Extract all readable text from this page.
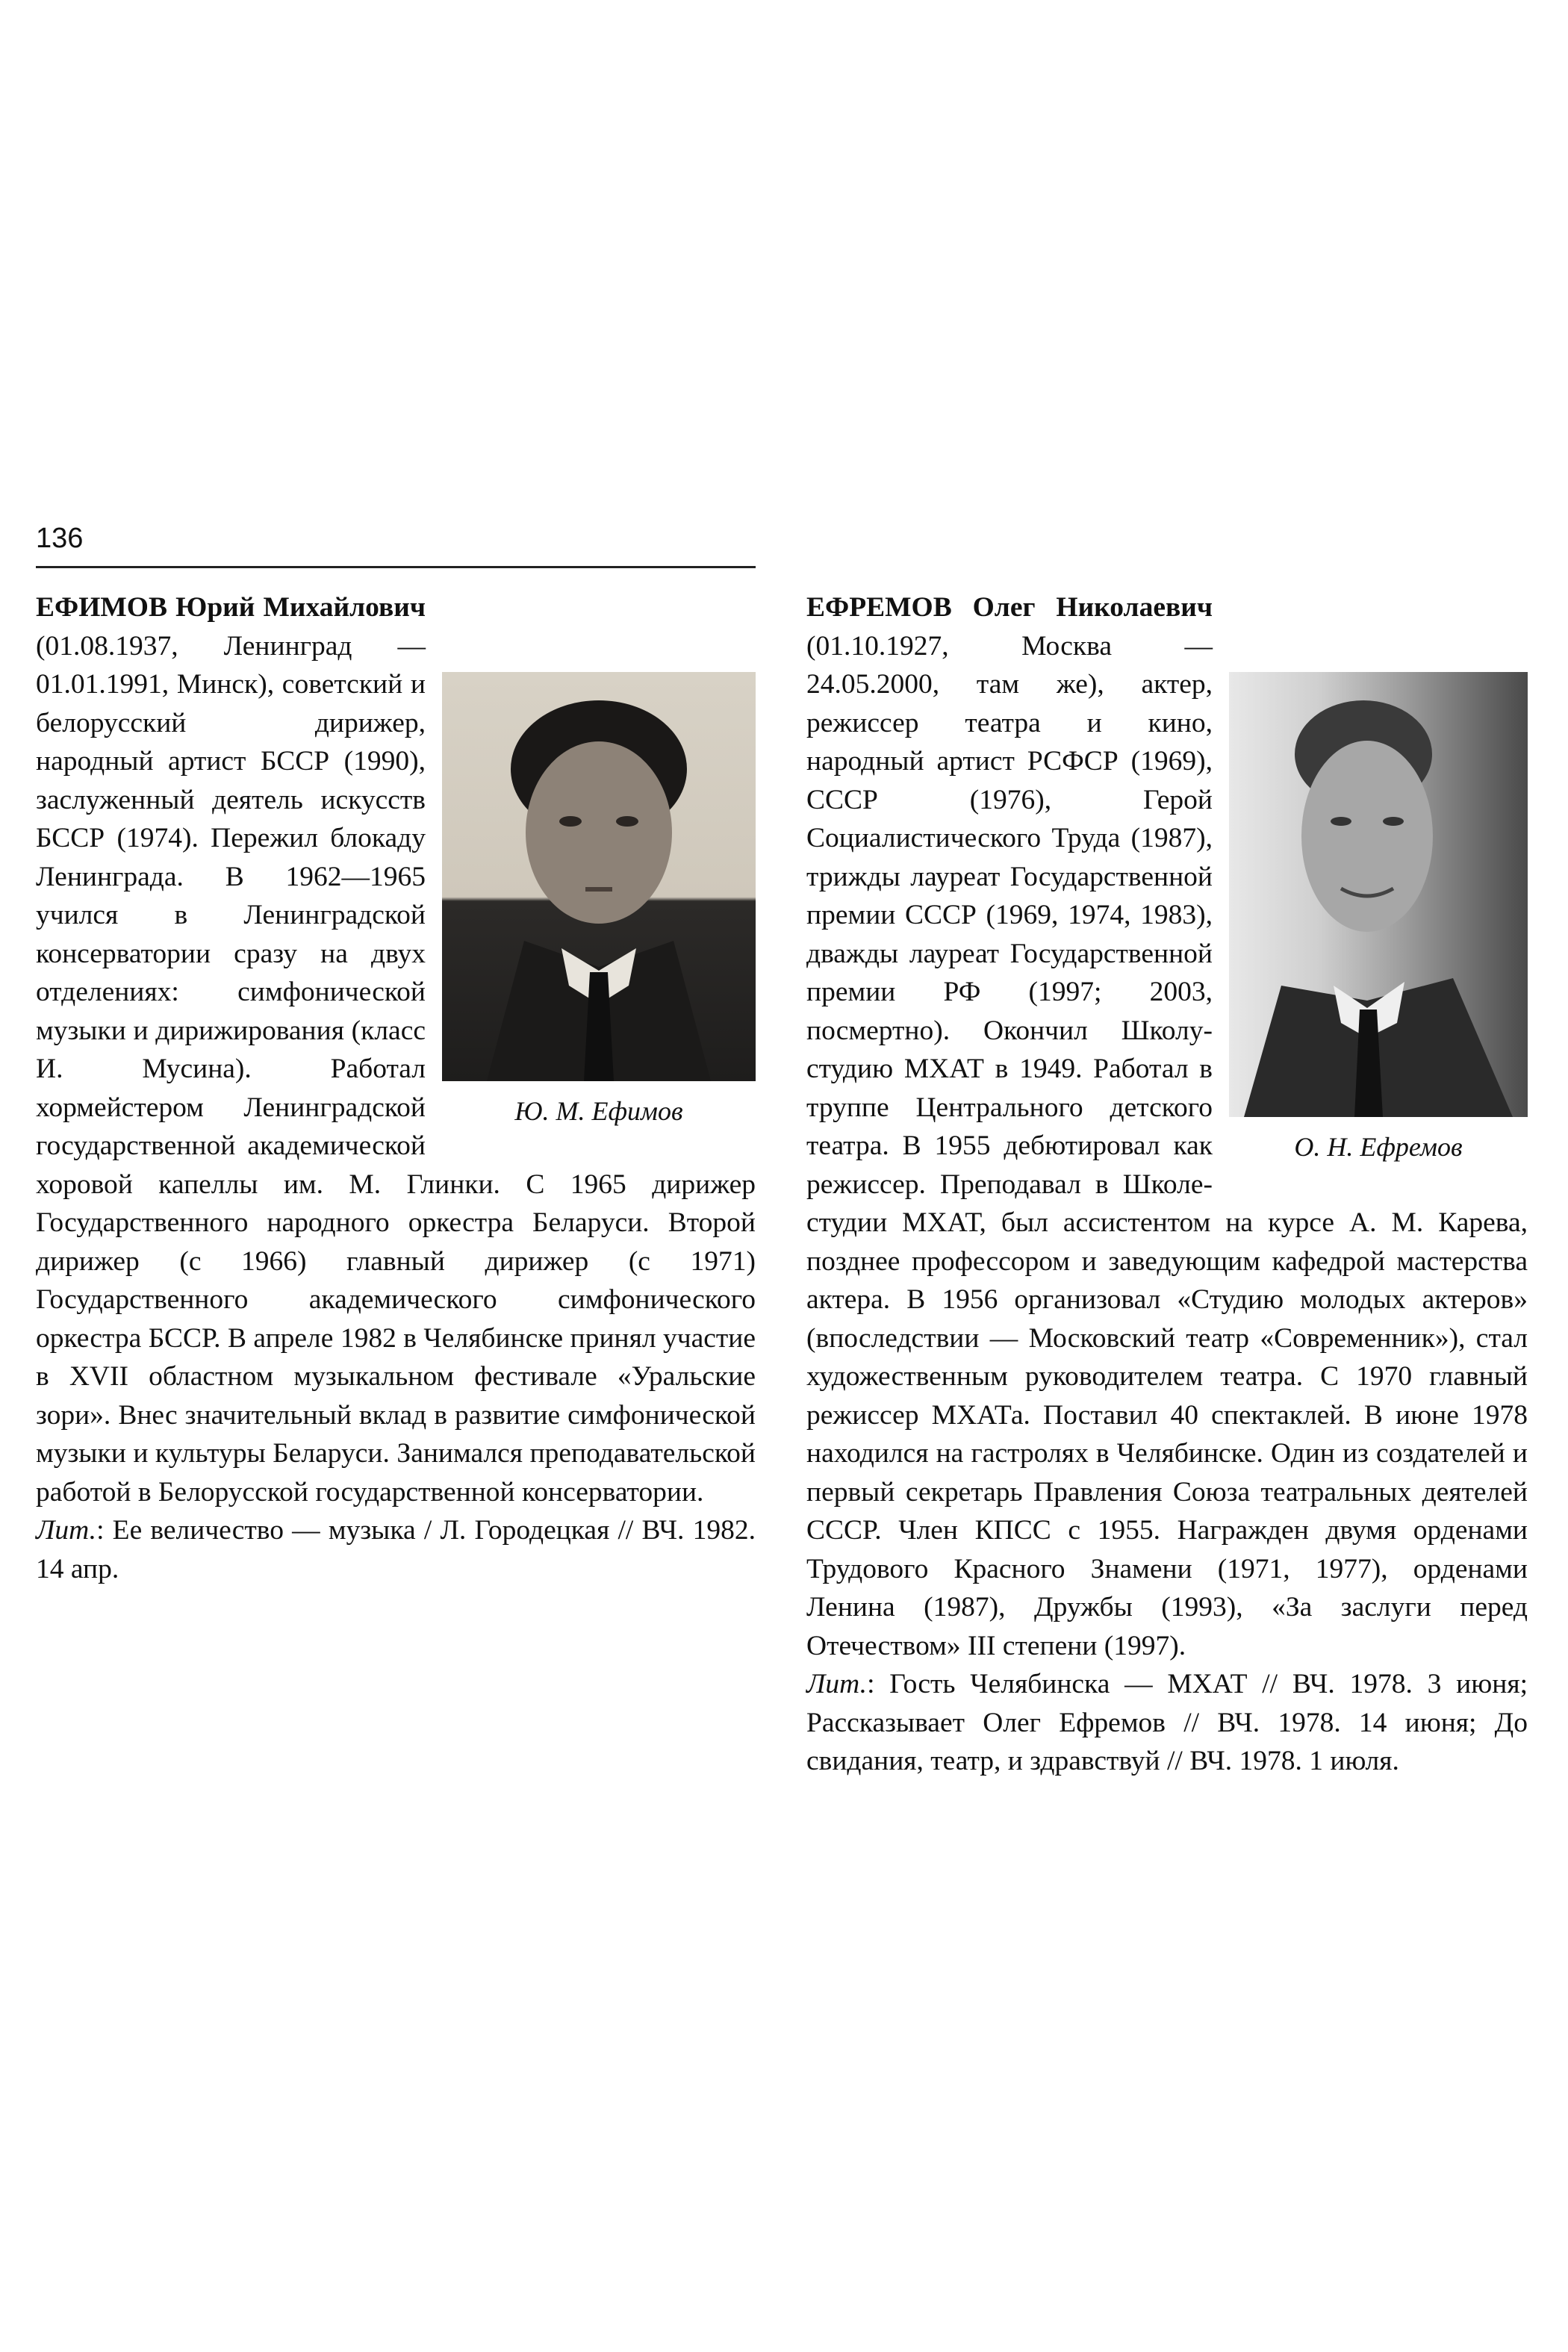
136
Ю. М. Ефимов

ЕФИМОВ Юрий Михайлович (01.08.1937, Ленинград — 01.01.1991, Минск), советский и белорусский дирижер, народный артист БССР (1990), заслуженный деятель искусств БССР (1974). Пережил блокаду Ленинграда. В 1962—1965 учился в Ленинградской консерватории сразу на двух отделениях: симфонической музыки и дирижирования (класс И. Мусина). Работал хормейстером Ленинградской государственной академической хоровой капеллы им. М. Глинки. С 1965 дирижер Государственного народного оркестра Беларуси. Второй дирижер (с 1966) главный дирижер (с 1971) Государственного академического симфонического оркестра БССР. В апреле 1982 в Челябинске принял участие в XVII областном музыкальном фестивале «Уральские зори». Внес значительный вклад в развитие симфонической музыки и культуры Беларуси. Занимался преподавательской работой в Белорусской государственной консерватории.

Лит.: Ее величество — музыка / Л. Городецкая // ВЧ. 1982. 14 апр.

О. Н. Ефремов

ЕФРЕМОВ Олег Николаевич (01.10.1927, Москва — 24.05.2000, там же), актер, режиссер театра и кино, народный артист РСФСР (1969), СССР (1976), Герой Социалистического Труда (1987), трижды лауреат Государственной премии СССР (1969, 1974, 1983), дважды лауреат Государственной премии РФ (1997; 2003, посмертно). Окончил Школу-студию МХАТ в 1949. Работал в труппе Центрального детского театра. В 1955 дебютировал как режиссер. Преподавал в Школе-студии МХАТ, был ассистентом на курсе А. М. Карева, позднее профессором и заведующим кафедрой мастерства актера. В 1956 организовал «Студию молодых актеров» (впоследствии — Московский театр «Современник»), стал художественным руководителем театра. С 1970 главный режиссер МХАТа. Поставил 40 спектаклей. В июне 1978 находился на гастролях в Челябинске. Один из создателей и первый секретарь Правления Союза театральных деятелей СССР. Член КПСС с 1955. Награжден двумя орденами Трудового Красного Знамени (1971, 1977), орденами Ленина (1987), Дружбы (1993), «За заслуги перед Отечеством» III степени (1997).

Лит.: Гость Челябинска — МХАТ // ВЧ. 1978. 3 июня; Рассказывает Олег Ефремов // ВЧ. 1978. 14 июня; До свидания, театр, и здравствуй // ВЧ. 1978. 1 июля.
